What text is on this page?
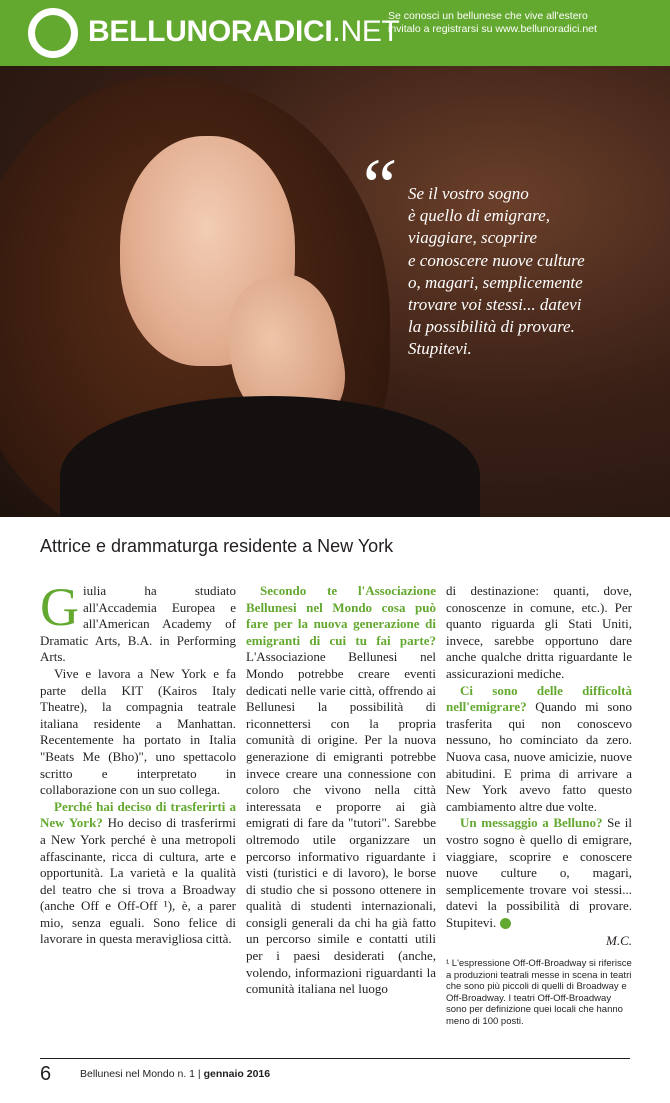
BELLUNORADICI.NET
Se conosci un bellunese che vive all'estero invitalo a registrarsi su www.bellunoradici.net
“ Se il vostro sogno
è quello di emigrare,
viaggiare, scoprire
e conoscere nuove culture
o, magari, semplicemente
trovare voi stessi... datevi
la possibilità di provare.
Stupitevi.
Attrice e drammaturga residente a New York

Giulia ha studiato all'Accademia Europea e all'American Academy of Dramatic Arts, B.A. in Performing Arts.

Vive e lavora a New York e fa parte della KIT (Kairos Italy Theatre), la compagnia teatrale italiana residente a Manhattan. Recentemente ha portato in Italia "Beats Me (Bho)", uno spettacolo scritto e interpretato in collaborazione con un suo collega.

Perché hai deciso di trasferirti a New York? Ho deciso di trasferirmi a New York perché è una metropoli affascinante, ricca di cultura, arte e opportunità. La varietà e la qualità del teatro che si trova a Broadway (anche Off e Off-Off ¹), è, a parer mio, senza eguali. Sono felice di lavorare in questa meravigliosa città.

Secondo te l'Associazione Bellunesi nel Mondo cosa può fare per la nuova generazione di emigranti di cui tu fai parte? L'Associazione Bellunesi nel Mondo potrebbe creare eventi dedicati nelle varie città, offrendo ai Bellunesi la possibilità di riconnettersi con la propria comunità di origine. Per la nuova generazione di emigranti potrebbe invece creare una connessione con coloro che vivono nella città interessata e proporre ai già emigrati di fare da "tutori". Sarebbe oltremodo utile organizzare un percorso informativo riguardante i visti (turistici e di lavoro), le borse di studio che si possono ottenere in qualità di studenti internazionali, consigli generali da chi ha già fatto un percorso simile e contatti utili per i paesi desiderati (anche, volendo, informazioni riguardanti la comunità italiana nel luogo

di destinazione: quanti, dove, conoscenze in comune, etc.). Per quanto riguarda gli Stati Uniti, invece, sarebbe opportuno dare anche qualche dritta riguardante le assicurazioni mediche.

Ci sono delle difficoltà nell'emigrare? Quando mi sono trasferita qui non conoscevo nessuno, ho cominciato da zero. Nuova casa, nuove amicizie, nuove abitudini. E prima di arrivare a New York avevo fatto questo cambiamento altre due volte.

Un messaggio a Belluno? Se il vostro sogno è quello di emigrare, viaggiare, scoprire e conoscere nuove culture o, magari, semplicemente trovare voi stessi... datevi la possibilità di provare. Stupitevi.

M.C.
¹ L'espressione Off-Off-Broadway si riferisce a produzioni teatrali messe in scena in teatri che sono più piccoli di quelli di Broadway e Off-Broadway. I teatri Off-Off-Broadway sono per definizione quei locali che hanno meno di 100 posti.
6	Bellunesi nel Mondo n. 1 | gennaio 2016
